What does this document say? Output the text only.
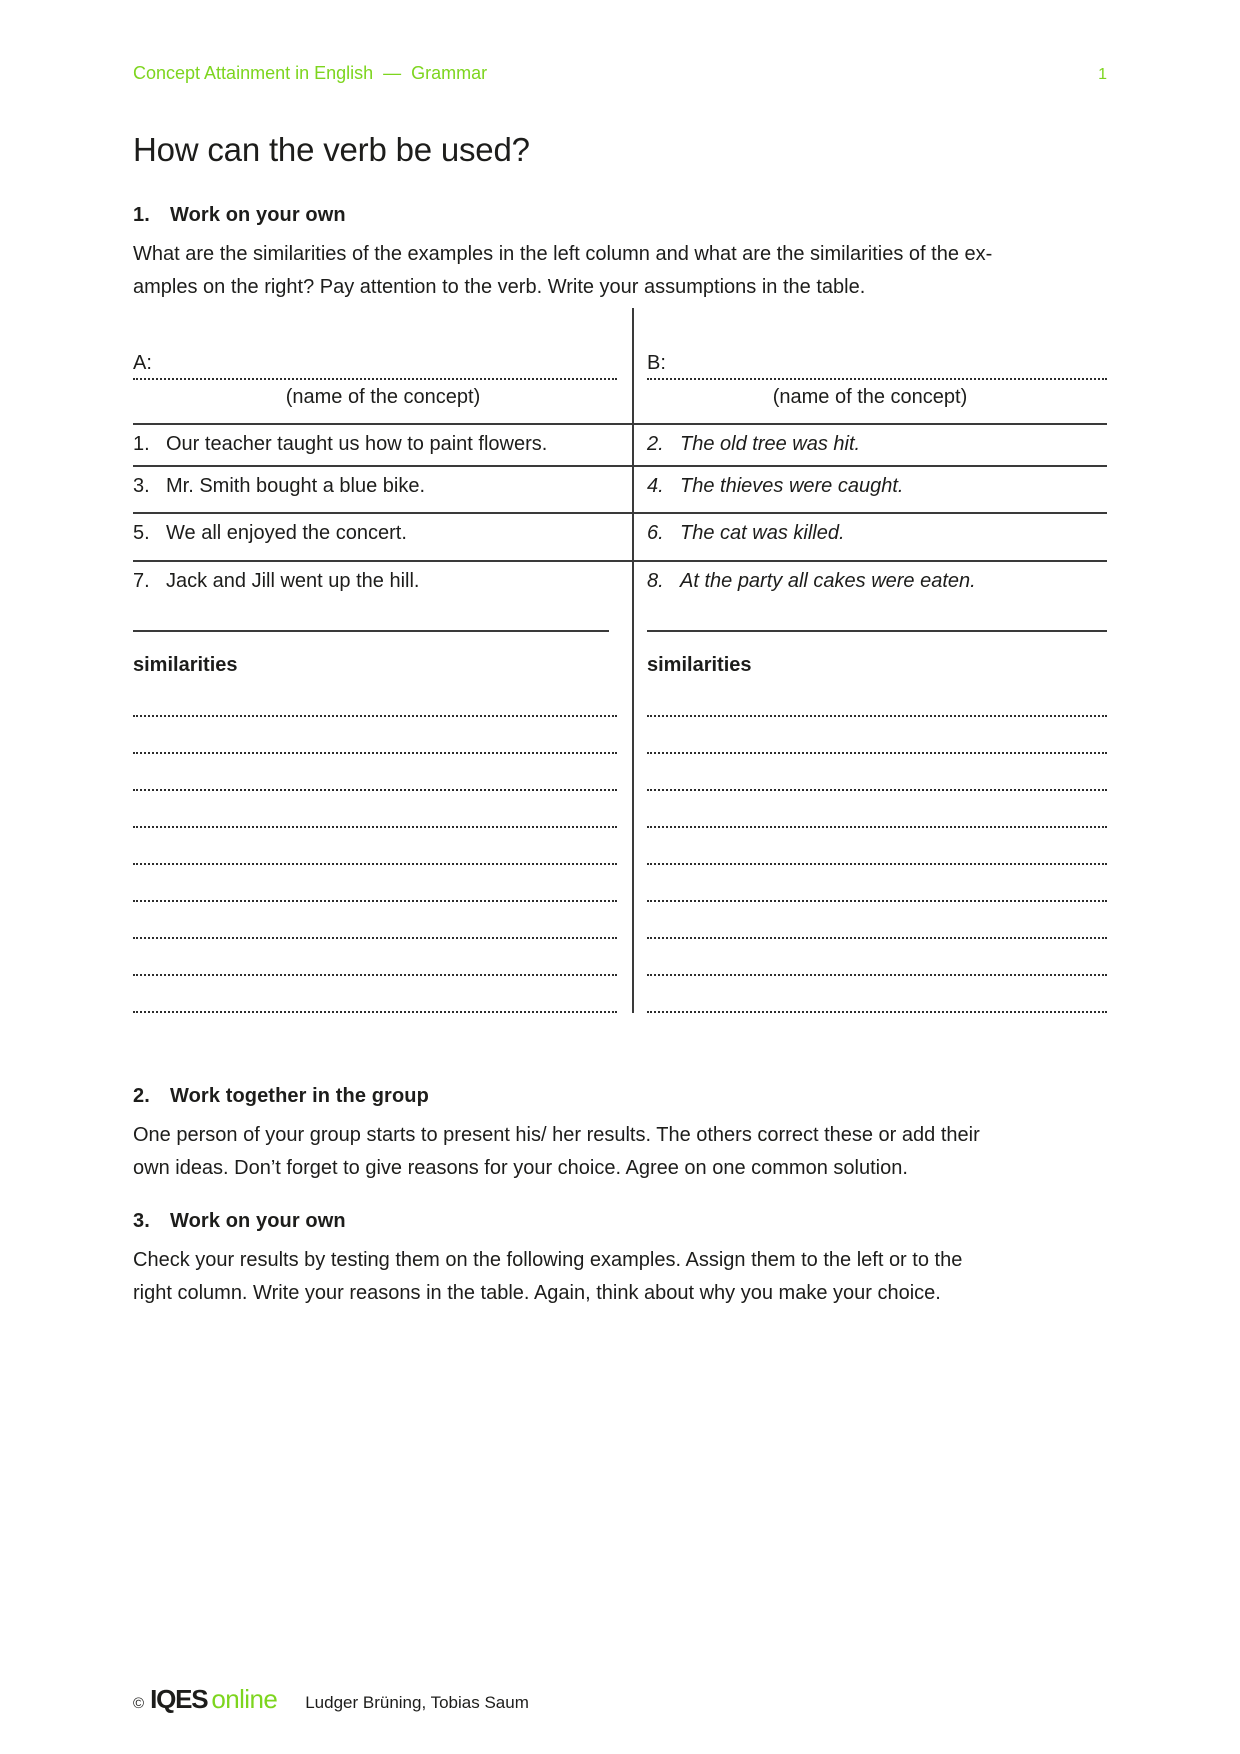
Concept Attainment in English  —  Grammar	1
How can the verb be used?
1. Work on your own
What are the similarities of the examples in the left column and what are the similarities of the ex-
amples on the right? Pay attention to the verb. Write your assumptions in the table.
A:
(name of the concept)
1. Our teacher taught us how to paint flowers.
3. Mr. Smith bought a blue bike.
5. We all enjoyed the concert.
7. Jack and Jill went up the hill.
similarities
B:
(name of the concept)
2. The old tree was hit.
4. The thieves were caught.
6. The cat was killed.
8. At the party all cakes were eaten.
similarities
2. Work together in the group
One person of your group starts to present his/ her results. The others correct these or add their
own ideas. Don’t forget to give reasons for your choice. Agree on one common solution.
3. Work on your own
Check your results by testing them on the following examples. Assign them to the left or to the
right column. Write your reasons in the table. Again, think about why you make your choice.
© IQES online Ludger Brüning, Tobias Saum
